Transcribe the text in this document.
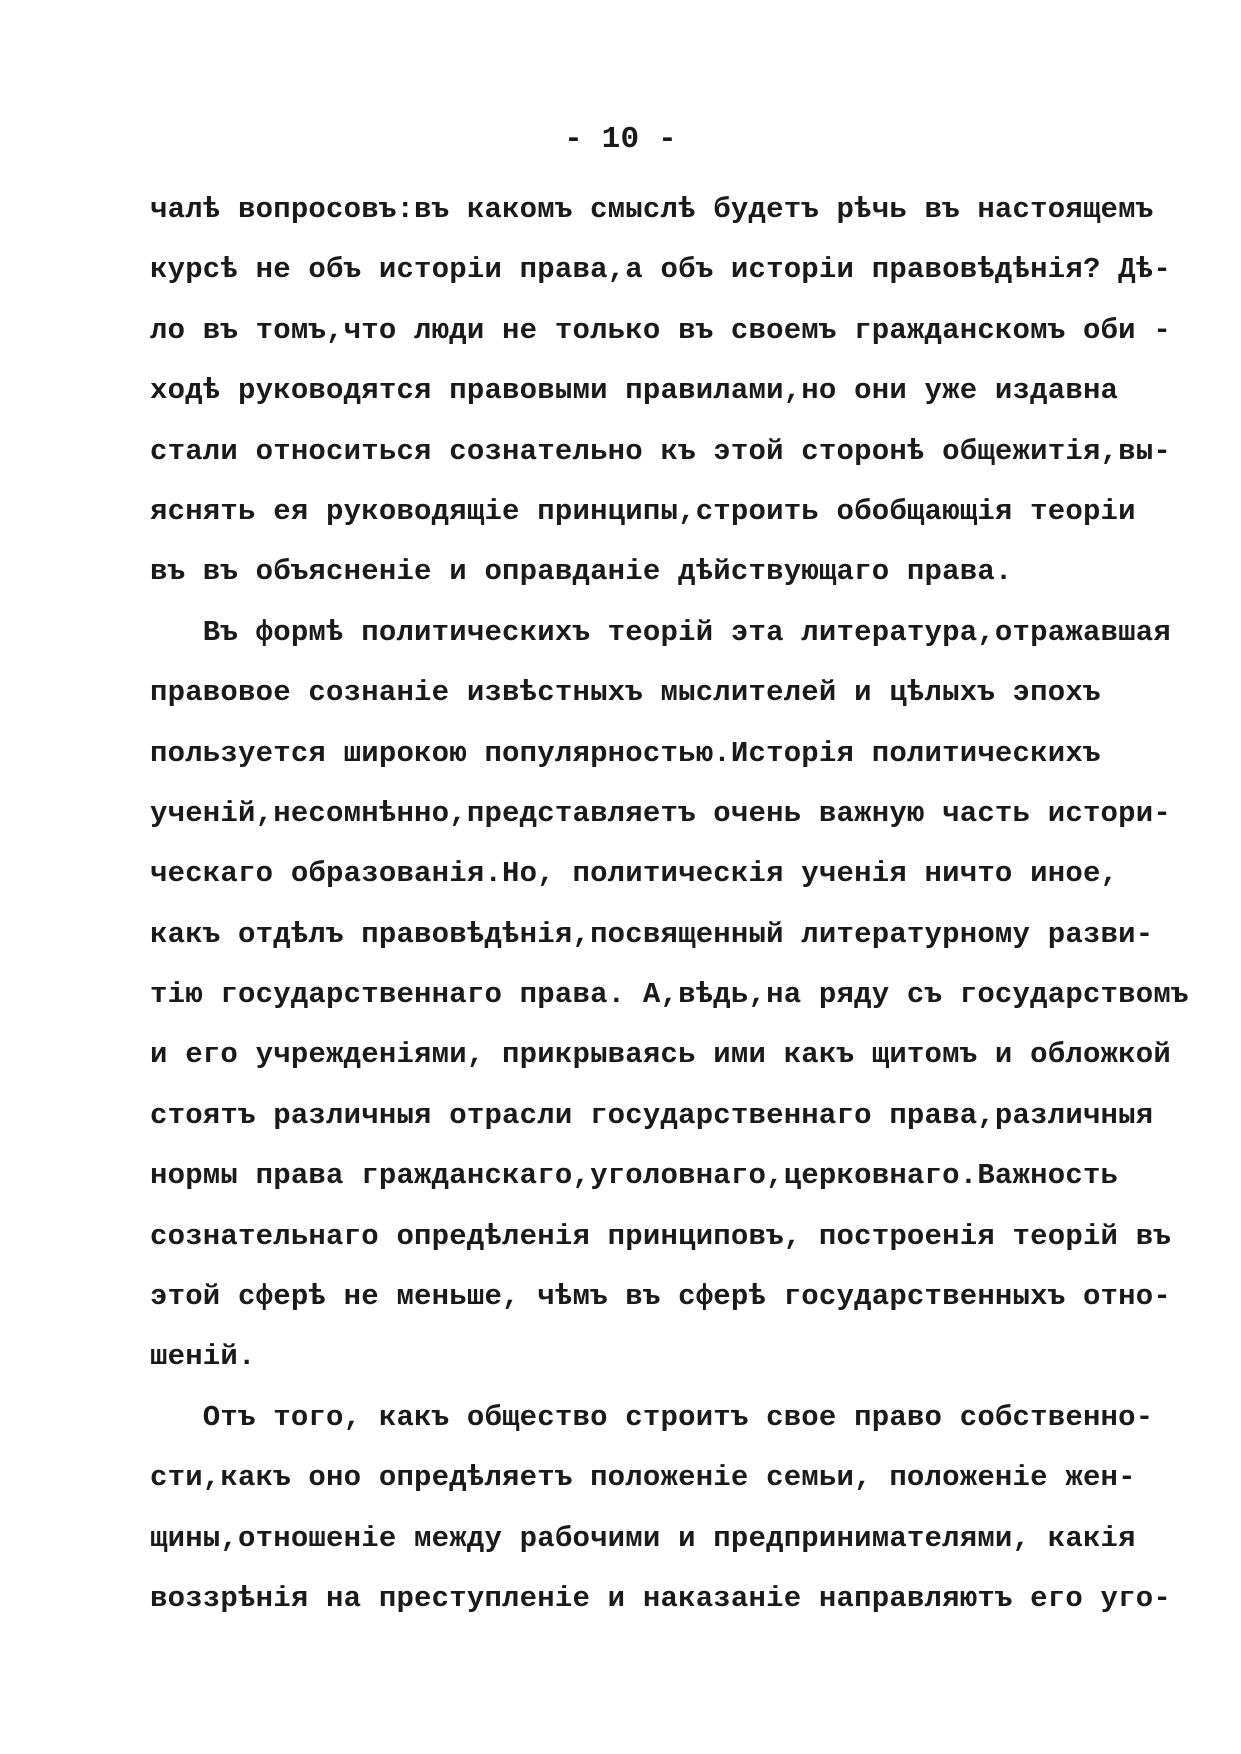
- 10 -
чалѣ вопросовъ:въ какомъ смыслѣ будетъ рѣчь въ настоящемъ
курсѣ не объ исторіи права,а объ исторіи правовѣдѣнія? Дѣ-
ло въ томъ,что люди не только въ своемъ гражданскомъ оби -
ходѣ руководятся правовыми правилами,но они уже издавна
стали относиться сознательно къ этой сторонѣ общежитія,вы-
яснять ея руководящіе принципы,строить обобщающія теоріи
въ въ объясненіе и оправданіе дѣйствующаго права.
Въ формѣ политическихъ теорій эта литература,отражавшая
правовое сознаніе извѣстныхъ мыслителей и цѣлыхъ эпохъ
пользуется широкою популярностью.Исторія политическихъ
ученій,несомнѣнно,представляетъ очень важную часть истори-
ческаго образованія.Но, политическія ученія ничто иное,
какъ отдѣлъ правовѣдѣнія,посвященный литературному разви-
тію государственнаго права. А,вѣдь,на ряду съ государствомъ
и его учрежденіями, прикрываясь ими какъ щитомъ и обложкой
стоятъ различныя отрасли государственнаго права,различныя
нормы права гражданскаго,уголовнаго,церковнаго.Важность
сознательнаго опредѣленія принциповъ, построенія теорій въ
этой сферѣ не меньше, чѣмъ въ сферѣ государственныхъ отно-
шеній.
Отъ того, какъ общество строитъ свое право собственно-
сти,какъ оно опредѣляетъ положеніе семьи, положеніе жен-
щины,отношеніе между рабочими и предпринимателями, какія
воззрѣнія на преступленіе и наказаніе направляютъ его уго-
